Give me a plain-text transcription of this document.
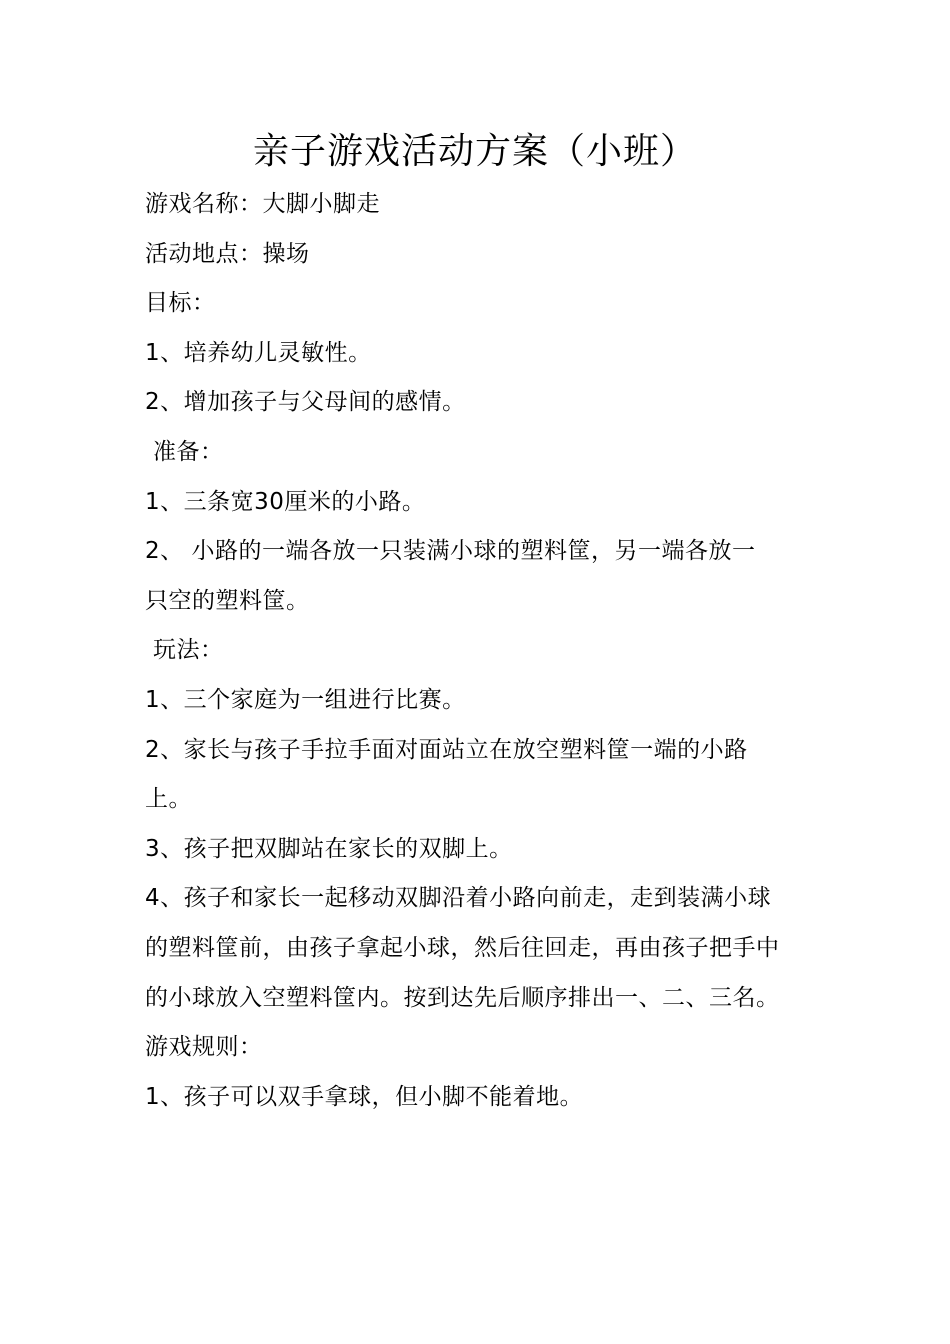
亲子游戏活动方案（小班）
游戏名称：大脚小脚走
活动地点：操场
目标：
1、培养幼儿灵敏性。
2、增加孩子与父母间的感情。
准备：
1、三条宽30厘米的小路。
2、 小路的一端各放一只装满小球的塑料筐，另一端各放一
只空的塑料筐。
玩法：
1、三个家庭为一组进行比赛。
2、家长与孩子手拉手面对面站立在放空塑料筐一端的小路
上。
3、孩子把双脚站在家长的双脚上。
4、孩子和家长一起移动双脚沿着小路向前走，走到装满小球
的塑料筐前，由孩子拿起小球，然后往回走，再由孩子把手中
的小球放入空塑料筐内。按到达先后顺序排出一、二、三名。
游戏规则：
1、孩子可以双手拿球，但小脚不能着地。
